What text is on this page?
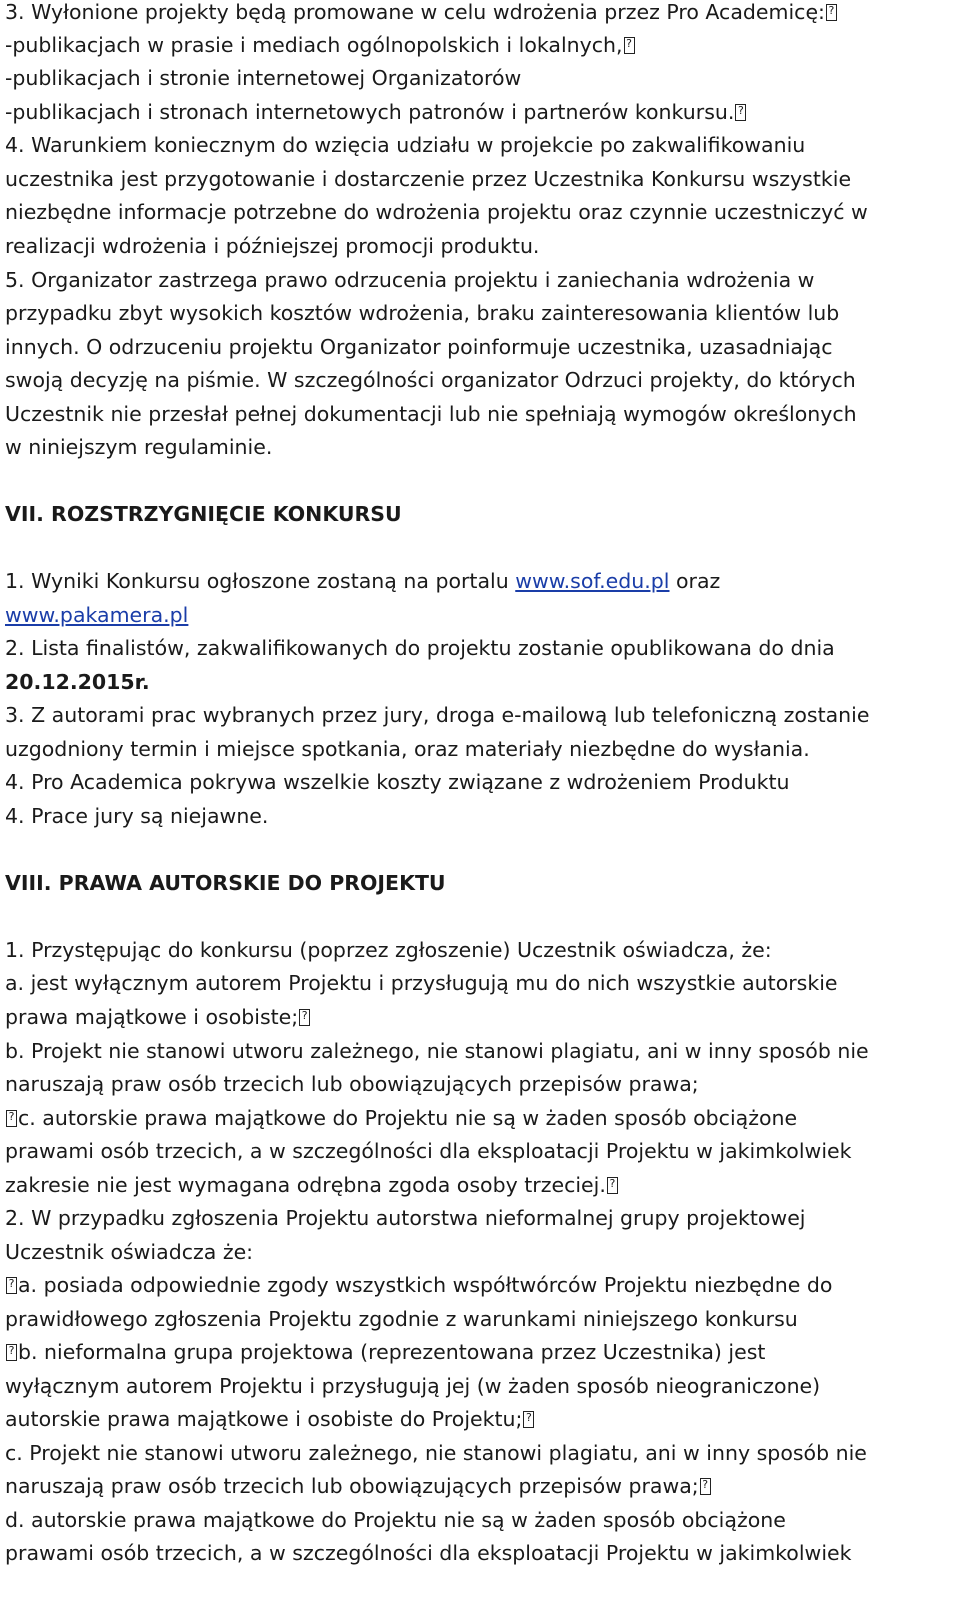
3. Wyłonione projekty będą promowane w celu wdrożenia przez Pro Academicę:?
-publikacjach w prasie i mediach ogólnopolskich i lokalnych,?
-publikacjach i stronie internetowej Organizatorów
-publikacjach i stronach internetowych patronów i partnerów konkursu.?
4. Warunkiem koniecznym do wzięcia udziału w projekcie po zakwalifikowaniu
uczestnika jest przygotowanie i dostarczenie przez Uczestnika Konkursu wszystkie
niezbędne informacje potrzebne do wdrożenia projektu oraz czynnie uczestniczyć w
realizacji wdrożenia i późniejszej promocji produktu.
5. Organizator zastrzega prawo odrzucenia projektu i zaniechania wdrożenia w
przypadku zbyt wysokich kosztów wdrożenia, braku zainteresowania klientów lub
innych. O odrzuceniu projektu Organizator poinformuje uczestnika, uzasadniając
swoją decyzję na piśmie. W szczególności organizator Odrzuci projekty, do których
Uczestnik nie przesłał pełnej dokumentacji lub nie spełniają wymogów określonych
w niniejszym regulaminie.
VII. ROZSTRZYGNIĘCIE KONKURSU
1. Wyniki Konkursu ogłoszone zostaną na portalu www.sof.edu.pl oraz
www.pakamera.pl
2. Lista finalistów, zakwalifikowanych do projektu zostanie opublikowana do dnia
20.12.2015r.
3. Z autorami prac wybranych przez jury, droga e-mailową lub telefoniczną zostanie
uzgodniony termin i miejsce spotkania, oraz materiały niezbędne do wysłania.
4. Pro Academica pokrywa wszelkie koszty związane z wdrożeniem Produktu
4. Prace jury są niejawne.
VIII. PRAWA AUTORSKIE DO PROJEKTU
1. Przystępując do konkursu (poprzez zgłoszenie) Uczestnik oświadcza, że:
a. jest wyłącznym autorem Projektu i przysługują mu do nich wszystkie autorskie
prawa majątkowe i osobiste;?
b. Projekt nie stanowi utworu zależnego, nie stanowi plagiatu, ani w inny sposób nie
naruszają praw osób trzecich lub obowiązujących przepisów prawa;
?c. autorskie prawa majątkowe do Projektu nie są w żaden sposób obciążone
prawami osób trzecich, a w szczególności dla eksploatacji Projektu w jakimkolwiek
zakresie nie jest wymagana odrębna zgoda osoby trzeciej.?
2. W przypadku zgłoszenia Projektu autorstwa nieformalnej grupy projektowej
Uczestnik oświadcza że:
?a. posiada odpowiednie zgody wszystkich współtwórców Projektu niezbędne do
prawidłowego zgłoszenia Projektu zgodnie z warunkami niniejszego konkursu
?b. nieformalna grupa projektowa (reprezentowana przez Uczestnika) jest
wyłącznym autorem Projektu i przysługują jej (w żaden sposób nieograniczone)
autorskie prawa majątkowe i osobiste do Projektu;?
c. Projekt nie stanowi utworu zależnego, nie stanowi plagiatu, ani w inny sposób nie
naruszają praw osób trzecich lub obowiązujących przepisów prawa;?
d. autorskie prawa majątkowe do Projektu nie są w żaden sposób obciążone
prawami osób trzecich, a w szczególności dla eksploatacji Projektu w jakimkolwiek
